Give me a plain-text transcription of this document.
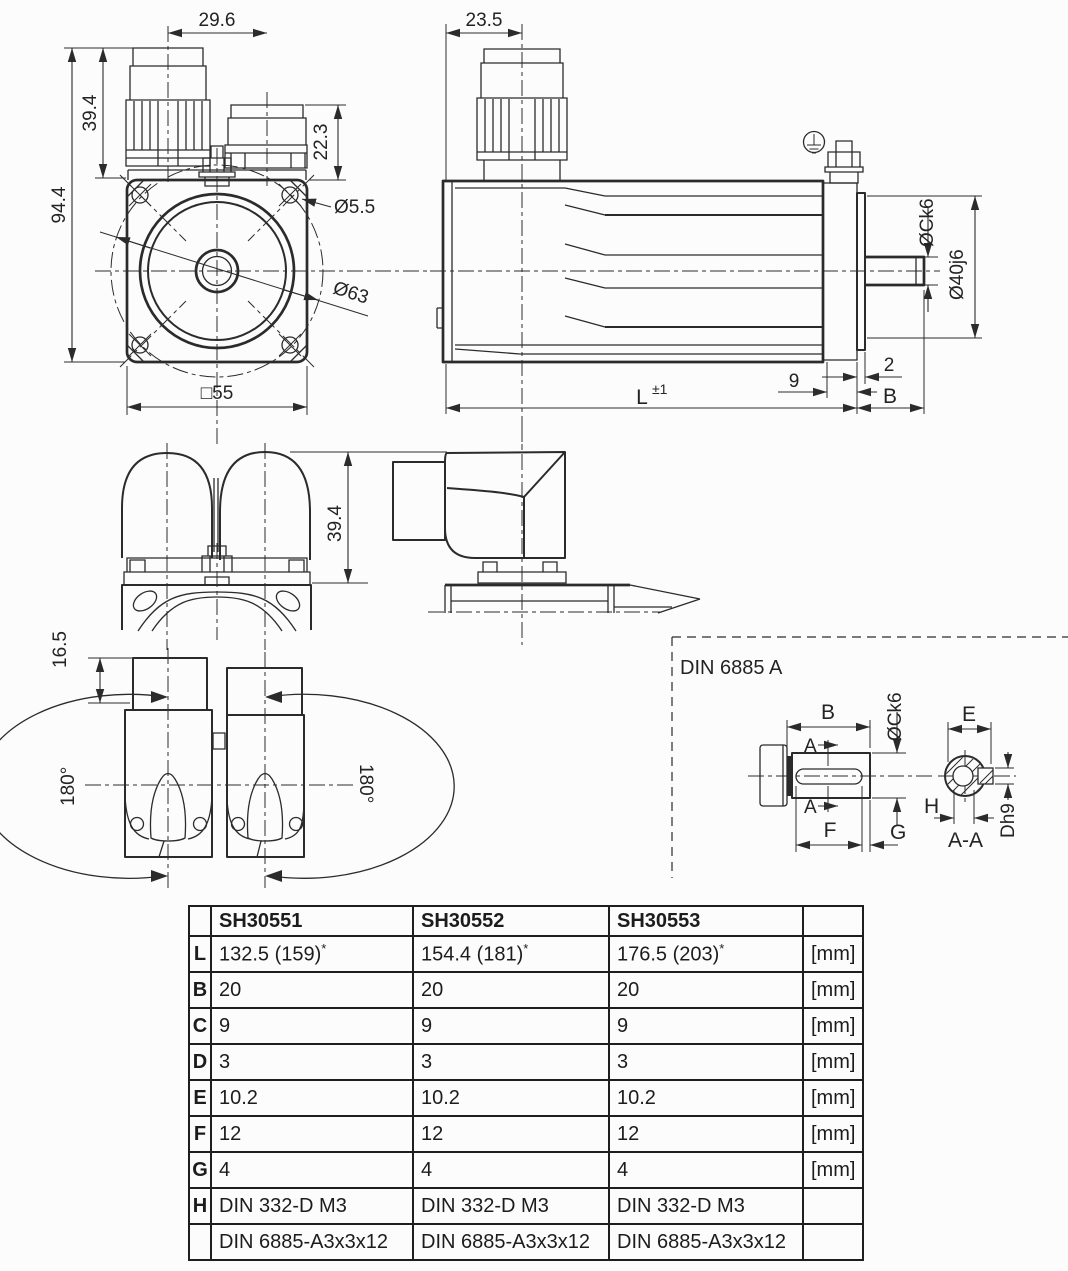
29.6
39.4
94.4
22.3
Ø5.5
Ø63
□55
23.5
ØCk6
Ø40j6
9
2
L ±1	B
39.4
16.5
180°	180°
DIN 6885 A
B
A
A
ØCk6
F	G
E
H	Dh9
A-A
	SH30551	SH30552	SH30553	
L	132.5 (159)*	154.4 (181)*	176.5 (203)*	[mm]
B	20	20	20	[mm]
C	9	9	9	[mm]
D	3	3	3	[mm]
E	10.2	10.2	10.2	[mm]
F	12	12	12	[mm]
G	4	4	4	[mm]
H	DIN 332-D M3	DIN 332-D M3	DIN 332-D M3	
	DIN 6885-A3x3x12	DIN 6885-A3x3x12	DIN 6885-A3x3x12	
